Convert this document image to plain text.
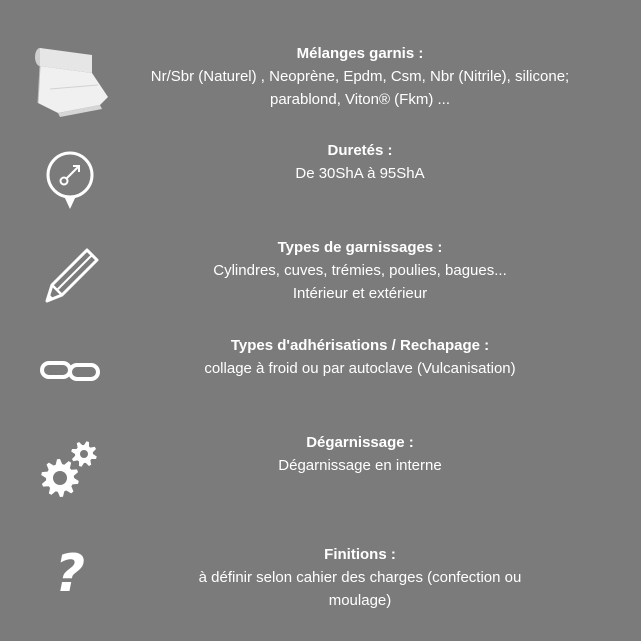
Mélanges garnis :
Nr/Sbr (Naturel) , Neoprène, Epdm, Csm, Nbr (Nitrile), silicone;
parablond, Viton® (Fkm) ...
Duretés :
De 30ShA à 95ShA
Types de garnissages :
Cylindres, cuves, trémies, poulies, bagues...
Intérieur et extérieur
Types d'adhérisations / Rechapage :
collage à froid ou par autoclave (Vulcanisation)
Dégarnissage :
Dégarnissage en interne
?	Finitions :
à définir selon cahier des charges (confection ou
moulage)
